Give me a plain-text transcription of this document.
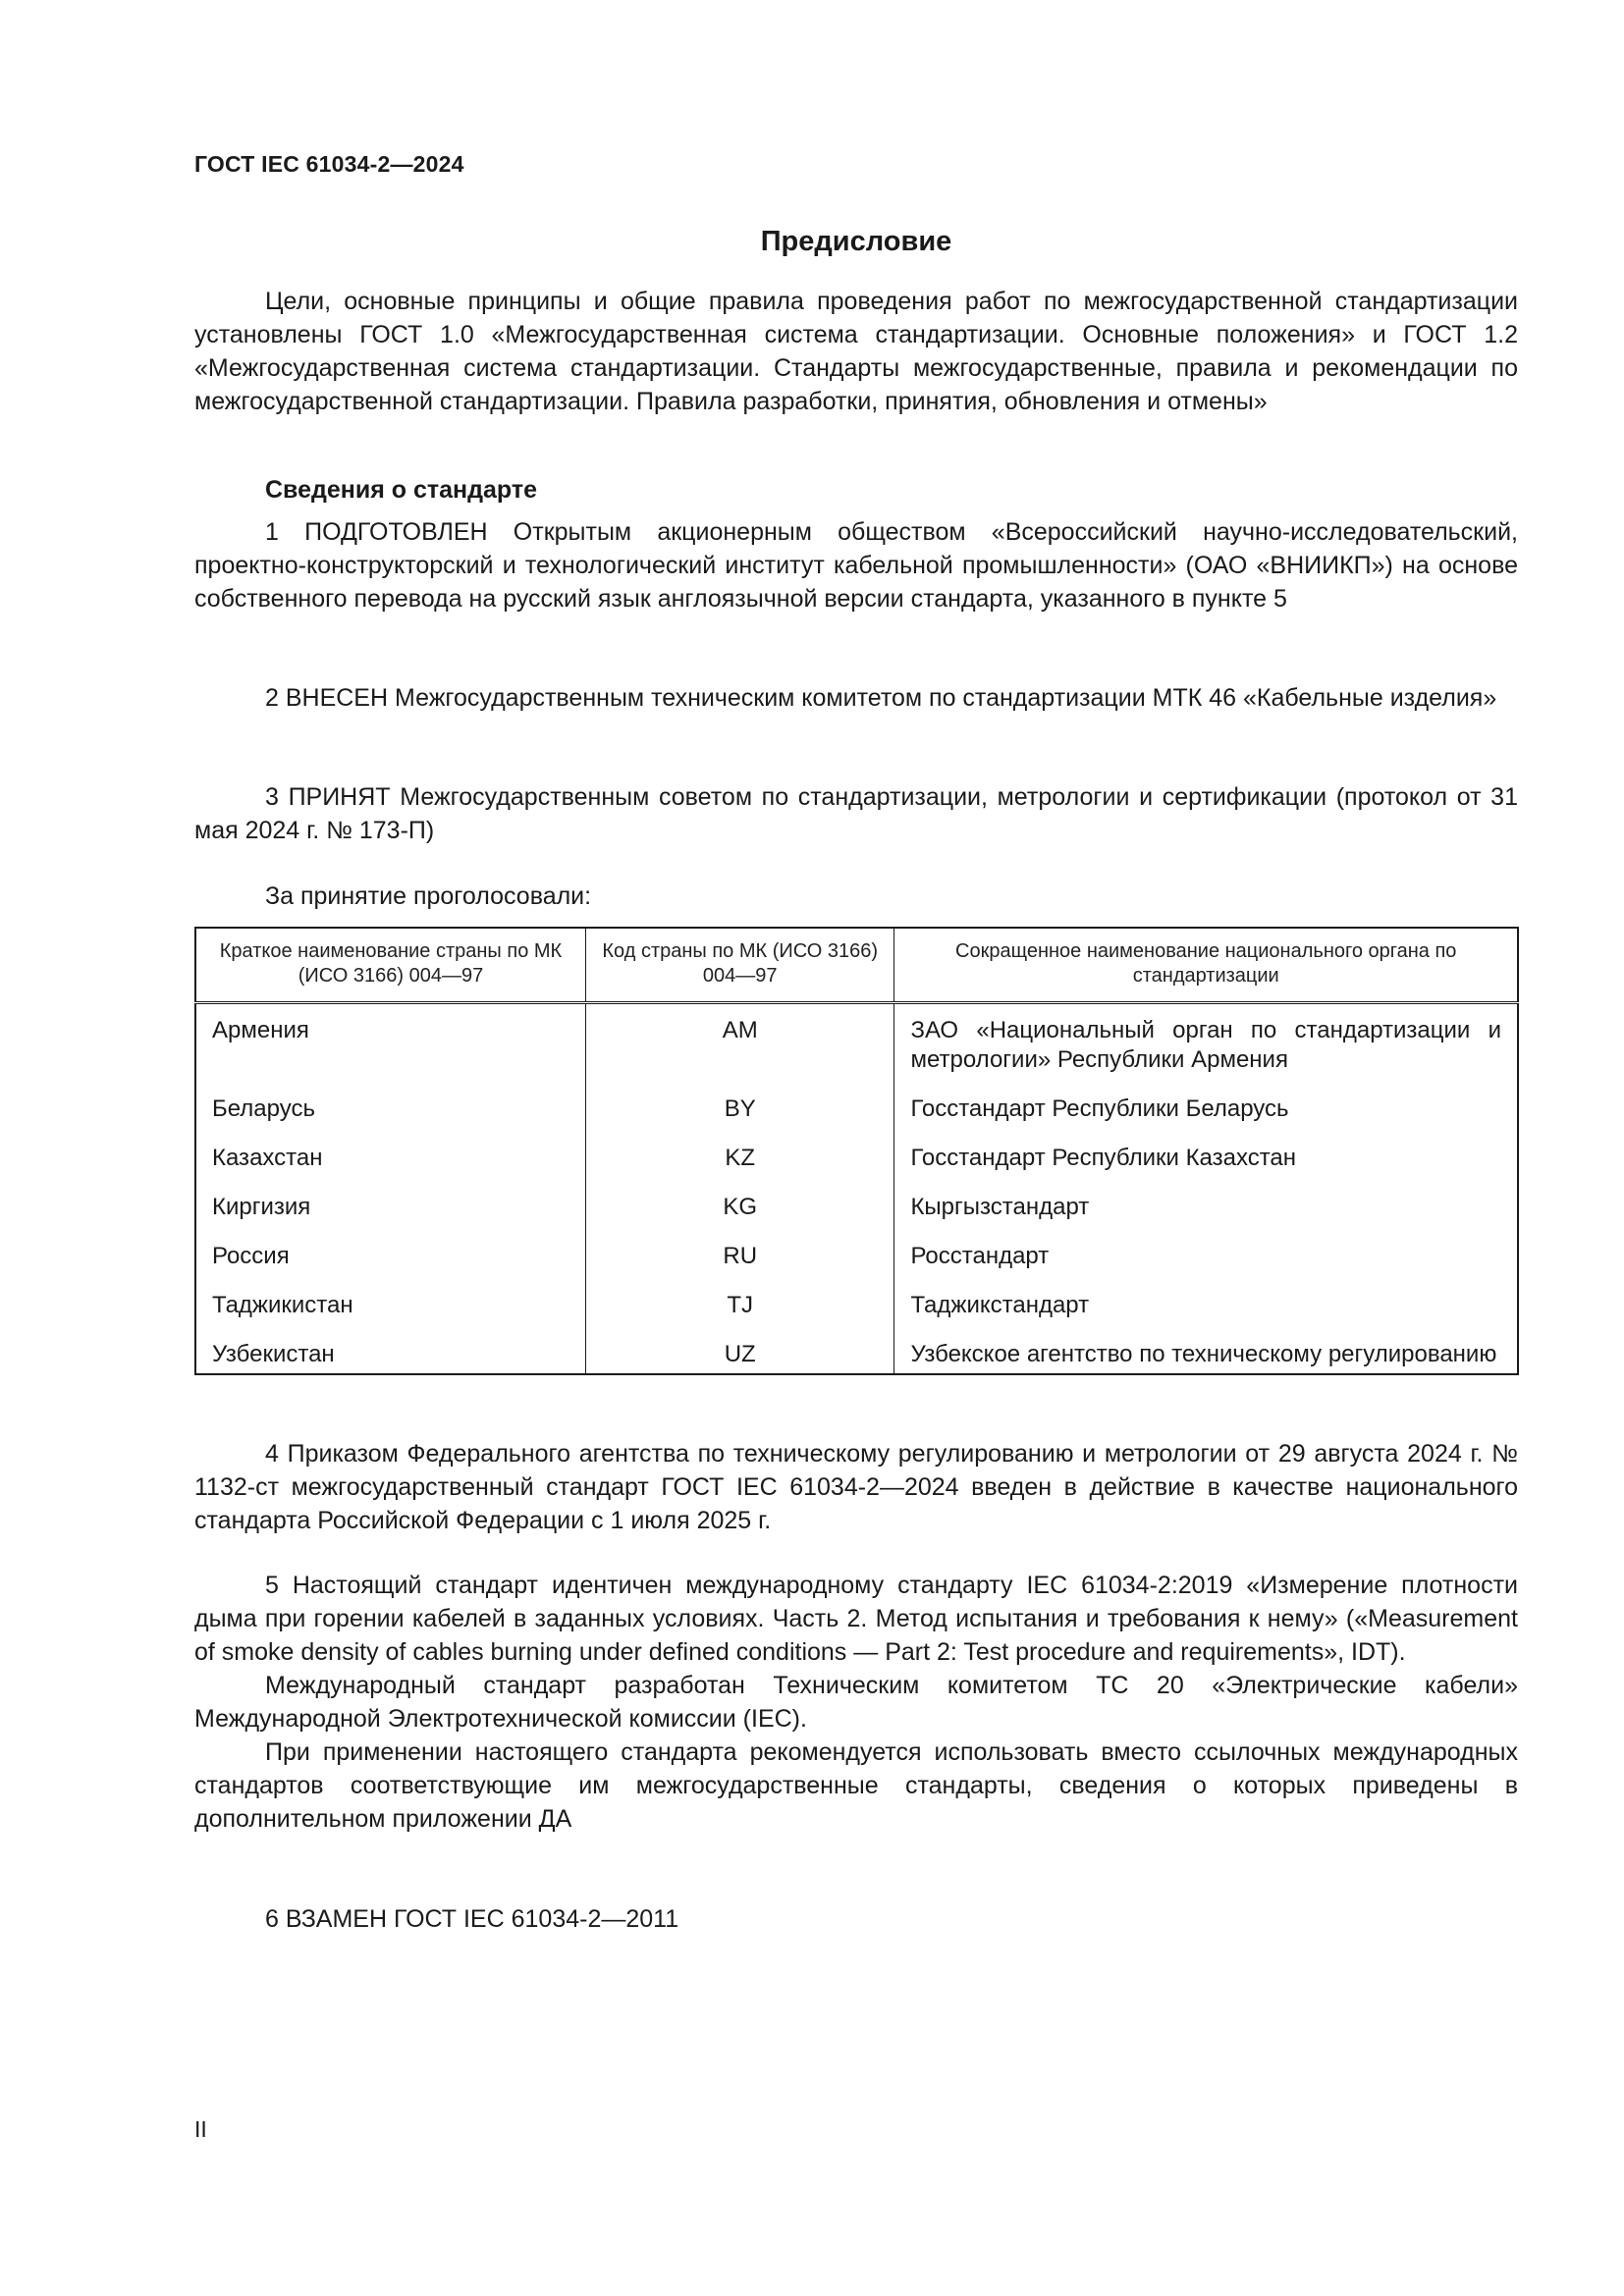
ГОСТ IEC 61034-2—2024

Предисловие

Цели, основные принципы и общие правила проведения работ по межгосударственной стандартизации установлены ГОСТ 1.0 «Межгосударственная система стандартизации. Основные положения» и ГОСТ 1.2 «Межгосударственная система стандартизации. Стандарты межгосударственные, правила и рекомендации по межгосударственной стандартизации. Правила разработки, принятия, обновления и отмены»

Сведения о стандарте

1 ПОДГОТОВЛЕН Открытым акционерным обществом «Всероссийский научно-исследовательский, проектно-конструкторский и технологический институт кабельной промышленности» (ОАО «ВНИИКП») на основе собственного перевода на русский язык англоязычной версии стандарта, указанного в пункте 5

2 ВНЕСЕН Межгосударственным техническим комитетом по стандартизации МТК 46 «Кабельные изделия»

3 ПРИНЯТ Межгосударственным советом по стандартизации, метрологии и сертификации (протокол от 31 мая 2024 г. № 173-П)

За принятие проголосовали:

Краткое наименование страны по МК (ИСО 3166) 004—97	Код страны по МК (ИСО 3166) 004—97	Сокращенное наименование национального органа по стандартизации
Армения	AM	ЗАО «Национальный орган по стандартизации и метрологии» Республики Армения
Беларусь	BY	Госстандарт Республики Беларусь
Казахстан	KZ	Госстандарт Республики Казахстан
Киргизия	KG	Кыргызстандарт
Россия	RU	Росстандарт
Таджикистан	TJ	Таджикстандарт
Узбекистан	UZ	Узбекское агентство по техническому регулированию

4 Приказом Федерального агентства по техническому регулированию и метрологии от 29 августа 2024 г. № 1132-ст межгосударственный стандарт ГОСТ IEC 61034-2—2024 введен в действие в качестве национального стандарта Российской Федерации с 1 июля 2025 г.

5 Настоящий стандарт идентичен международному стандарту IEC 61034-2:2019 «Измерение плотности дыма при горении кабелей в заданных условиях. Часть 2. Метод испытания и требования к нему» («Measurement of smoke density of cables burning under defined conditions — Part 2: Test procedure and requirements», IDT).

Международный стандарт разработан Техническим комитетом TC 20 «Электрические кабели» Международной Электротехнической комиссии (IEC).

При применении настоящего стандарта рекомендуется использовать вместо ссылочных международных стандартов соответствующие им межгосударственные стандарты, сведения о которых приведены в дополнительном приложении ДА

6 ВЗАМЕН ГОСТ IEC 61034-2—2011

II
